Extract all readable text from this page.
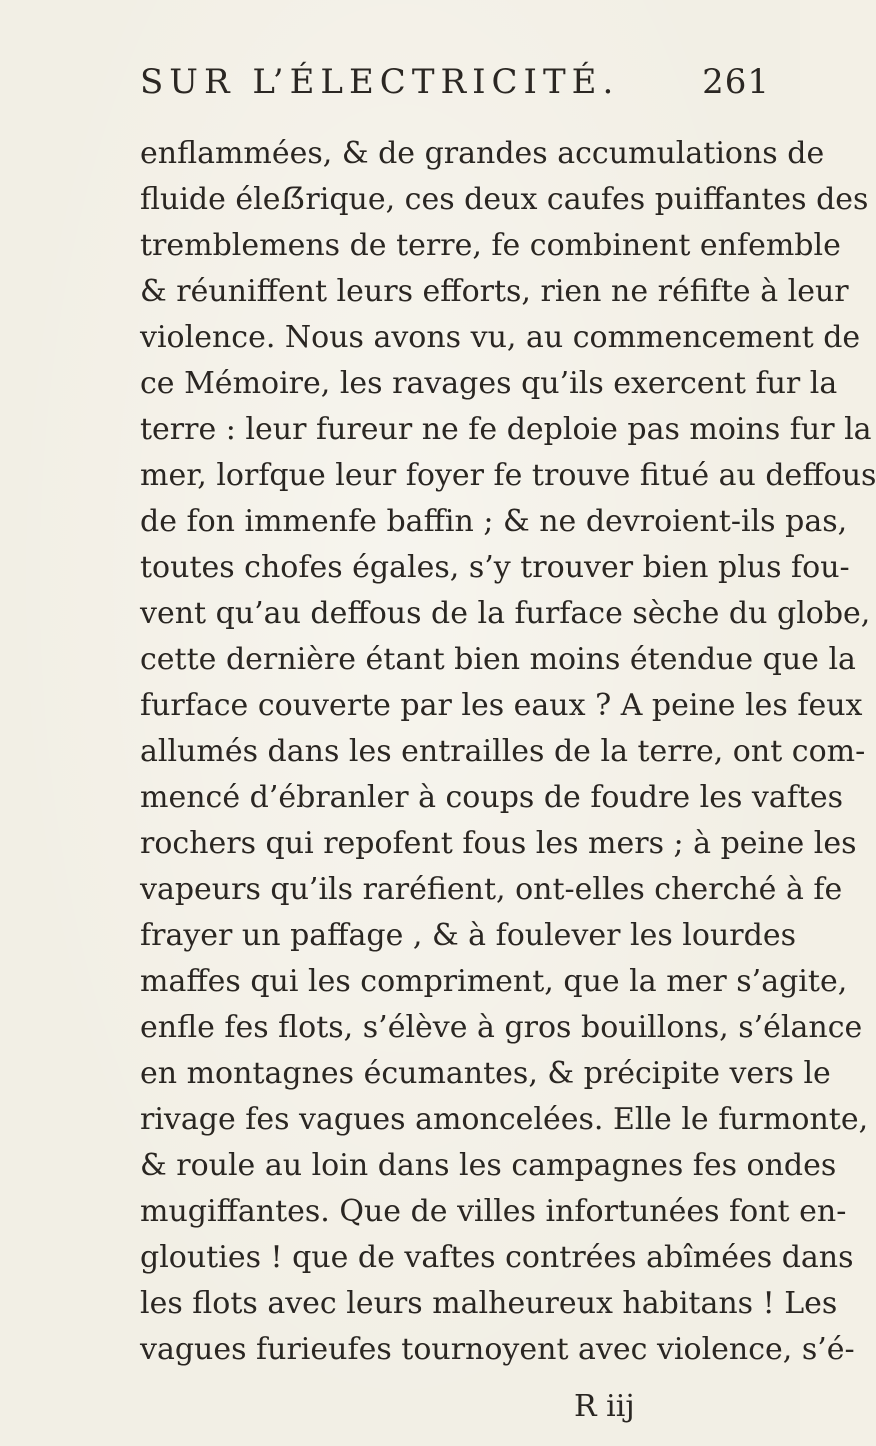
SUR L’ÉLECTRICITÉ. 261
enflammées, & de grandes accumulations de
fluide éleẞrique, ces deux caufes puiffantes des
tremblemens de terre, fe combinent enfemble
& réuniffent leurs efforts, rien ne réfifte à leur
violence. Nous avons vu, au commencement de
ce Mémoire, les ravages qu’ils exercent fur la
terre : leur fureur ne fe deploie pas moins fur la
mer, lorfque leur foyer fe trouve fitué au deffous
de fon immenfe baffin ; & ne devroient-ils pas,
toutes chofes égales, s’y trouver bien plus fou-
vent qu’au deffous de la furface sèche du globe,
cette dernière étant bien moins étendue que la
furface couverte par les eaux ? A peine les feux
allumés dans les entrailles de la terre, ont com-
mencé d’ébranler à coups de foudre les vaftes
rochers qui repofent fous les mers ; à peine les
vapeurs qu’ils raréfient, ont-elles cherché à fe
frayer un paffage , & à foulever les lourdes
maffes qui les compriment, que la mer s’agite,
enfle fes flots, s’élève à gros bouillons, s’élance
en montagnes écumantes, & précipite vers le
rivage fes vagues amoncelées. Elle le furmonte,
& roule au loin dans les campagnes fes ondes
mugiffantes. Que de villes infortunées font en-
glouties ! que de vaftes contrées abîmées dans
les flots avec leurs malheureux habitans ! Les
vagues furieufes tournoyent avec violence, s’é-
R iij
